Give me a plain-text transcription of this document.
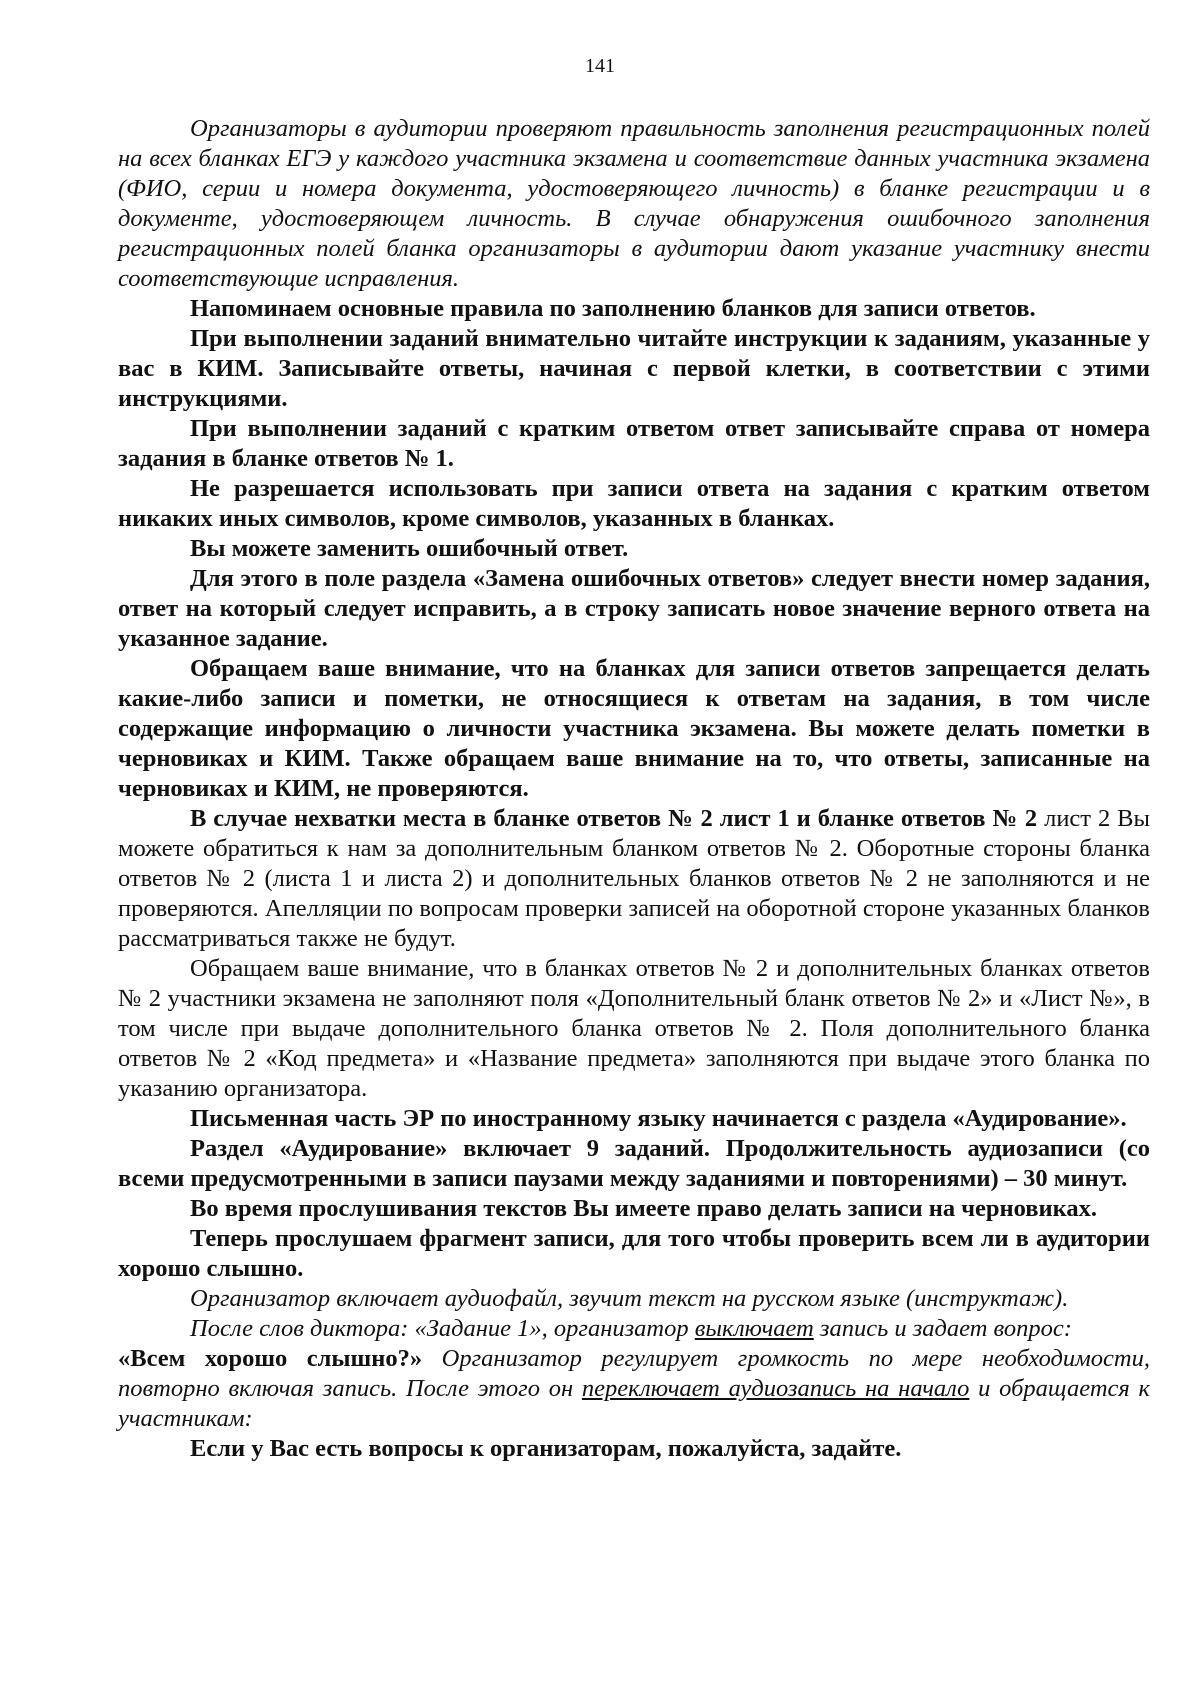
141

Организаторы в аудитории проверяют правильность заполнения регистрационных полей на всех бланках ЕГЭ у каждого участника экзамена и соответствие данных участника экзамена (ФИО, серии и номера документа, удостоверяющего личность) в бланке регистрации и в документе, удостоверяющем личность. В случае обнаружения ошибочного заполнения регистрационных полей бланка организаторы в аудитории дают указание участнику внести соответствующие исправления.

Напоминаем основные правила по заполнению бланков для записи ответов.

При выполнении заданий внимательно читайте инструкции к заданиям, указанные у вас в КИМ. Записывайте ответы, начиная с первой клетки, в соответствии с этими инструкциями.

При выполнении заданий с кратким ответом ответ записывайте справа от номера задания в бланке ответов № 1.

Не разрешается использовать при записи ответа на задания с кратким ответом никаких иных символов, кроме символов, указанных в бланках.

Вы можете заменить ошибочный ответ.

Для этого в поле раздела «Замена ошибочных ответов» следует внести номер задания, ответ на который следует исправить, а в строку записать новое значение верного ответа на указанное задание.

Обращаем ваше внимание, что на бланках для записи ответов запрещается делать какие-либо записи и пометки, не относящиеся к ответам на задания, в том числе содержащие информацию о личности участника экзамена. Вы можете делать пометки в черновиках и КИМ. Также обращаем ваше внимание на то, что ответы, записанные на черновиках и КИМ, не проверяются.

В случае нехватки места в бланке ответов № 2 лист 1 и бланке ответов № 2 лист 2 Вы можете обратиться к нам за дополнительным бланком ответов № 2. Оборотные стороны бланка ответов № 2 (листа 1 и листа 2) и дополнительных бланков ответов № 2 не заполняются и не проверяются. Апелляции по вопросам проверки записей на оборотной стороне указанных бланков рассматриваться также не будут.

Обращаем ваше внимание, что в бланках ответов № 2 и дополнительных бланках ответов № 2 участники экзамена не заполняют поля «Дополнительный бланк ответов № 2» и «Лист №», в том числе при выдаче дополнительного бланка ответов № 2. Поля дополнительного бланка ответов № 2 «Код предмета» и «Название предмета» заполняются при выдаче этого бланка по указанию организатора.

Письменная часть ЭР по иностранному языку начинается с раздела «Аудирование».

Раздел «Аудирование» включает 9 заданий. Продолжительность аудиозаписи (со всеми предусмотренными в записи паузами между заданиями и повторениями) – 30 минут.

Во время прослушивания текстов Вы имеете право делать записи на черновиках.

Теперь прослушаем фрагмент записи, для того чтобы проверить всем ли в аудитории хорошо слышно.

Организатор включает аудиофайл, звучит текст на русском языке (инструктаж).

После слов диктора: «Задание 1», организатор выключает запись и задает вопрос:

«Всем хорошо слышно?» Организатор регулирует громкость по мере необходимости, повторно включая запись. После этого он переключает аудиозапись на начало и обращается к участникам:

Если у Вас есть вопросы к организаторам, пожалуйста, задайте.
